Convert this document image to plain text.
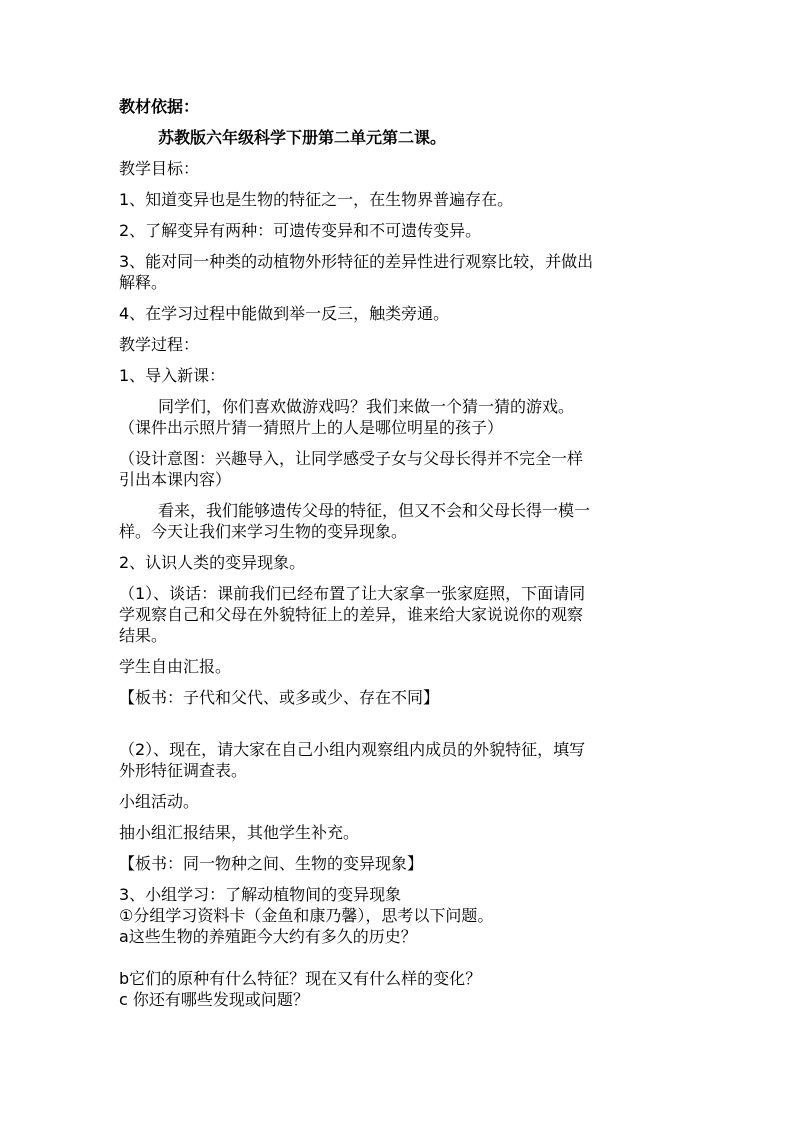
教材依据：
苏教版六年级科学下册第二单元第二课。
教学目标：
1、知道变异也是生物的特征之一，在生物界普遍存在。
2、了解变异有两种：可遗传变异和不可遗传变异。
3、能对同一种类的动植物外形特征的差异性进行观察比较，并做出
解释。
4、在学习过程中能做到举一反三，触类旁通。
教学过程：
1、导入新课：
同学们，你们喜欢做游戏吗？我们来做一个猜一猜的游戏。
（课件出示照片猜一猜照片上的人是哪位明星的孩子）
（设计意图：兴趣导入，让同学感受子女与父母长得并不完全一样
引出本课内容）
看来，我们能够遗传父母的特征，但又不会和父母长得一模一
样。今天让我们来学习生物的变异现象。
2、认识人类的变异现象。
（1）、谈话：课前我们已经布置了让大家拿一张家庭照，下面请同
学观察自己和父母在外貌特征上的差异，谁来给大家说说你的观察
结果。
学生自由汇报。
【板书：子代和父代、或多或少、存在不同】
（2）、现在，请大家在自己小组内观察组内成员的外貌特征，填写
外形特征调查表。
小组活动。
抽小组汇报结果，其他学生补充。
【板书：同一物种之间、生物的变异现象】
3、小组学习：了解动植物间的变异现象
①分组学习资料卡（金鱼和康乃馨），思考以下问题。
a这些生物的养殖距今大约有多久的历史？
b它们的原种有什么特征？现在又有什么样的变化？
c 你还有哪些发现或问题？
